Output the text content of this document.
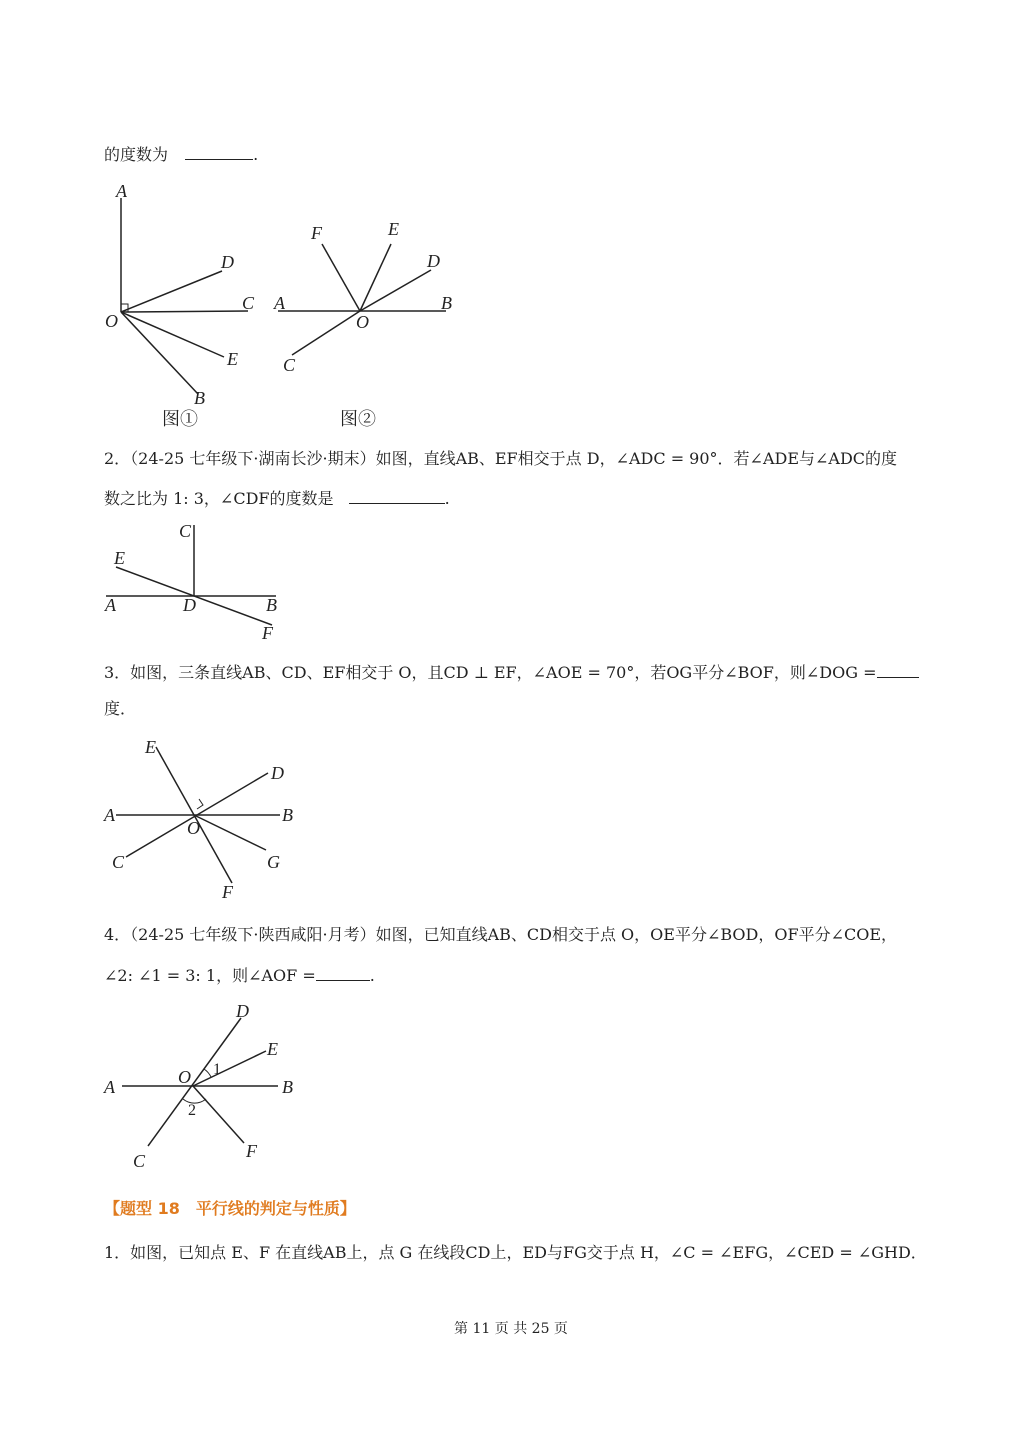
的度数为	.
A
D
C
O
E
B
图①
F	E
D
A	B
O
C
图②
2．（24-25 七年级下·湖南长沙·期末）如图，直线AB、EF相交于点 D，∠ADC = 90°．若∠ADE与∠ADC的度
数之比为 1: 3，∠CDF的度数是	.
C
E
A	D	B
F
3．如图，三条直线AB、CD、EF相交于 O，且CD ⊥ EF，∠AOE = 70°，若OG平分∠BOF，则∠DOG =
度．
E
D
A	B
O
C	G
F
4．（24-25 七年级下·陕西咸阳·月考）如图，已知直线AB、CD相交于点 O，OE平分∠BOD，OF平分∠COE，
∠2: ∠1 = 3: 1，则∠AOF =	.
D
E
A	O	B
1
2
C	F
【题型 18　平行线的判定与性质】
1．如图，已知点 E、F 在直线AB上，点 G 在线段CD上，ED与FG交于点 H，∠C = ∠EFG，∠CED = ∠GHD．
第 11 页 共 25 页
